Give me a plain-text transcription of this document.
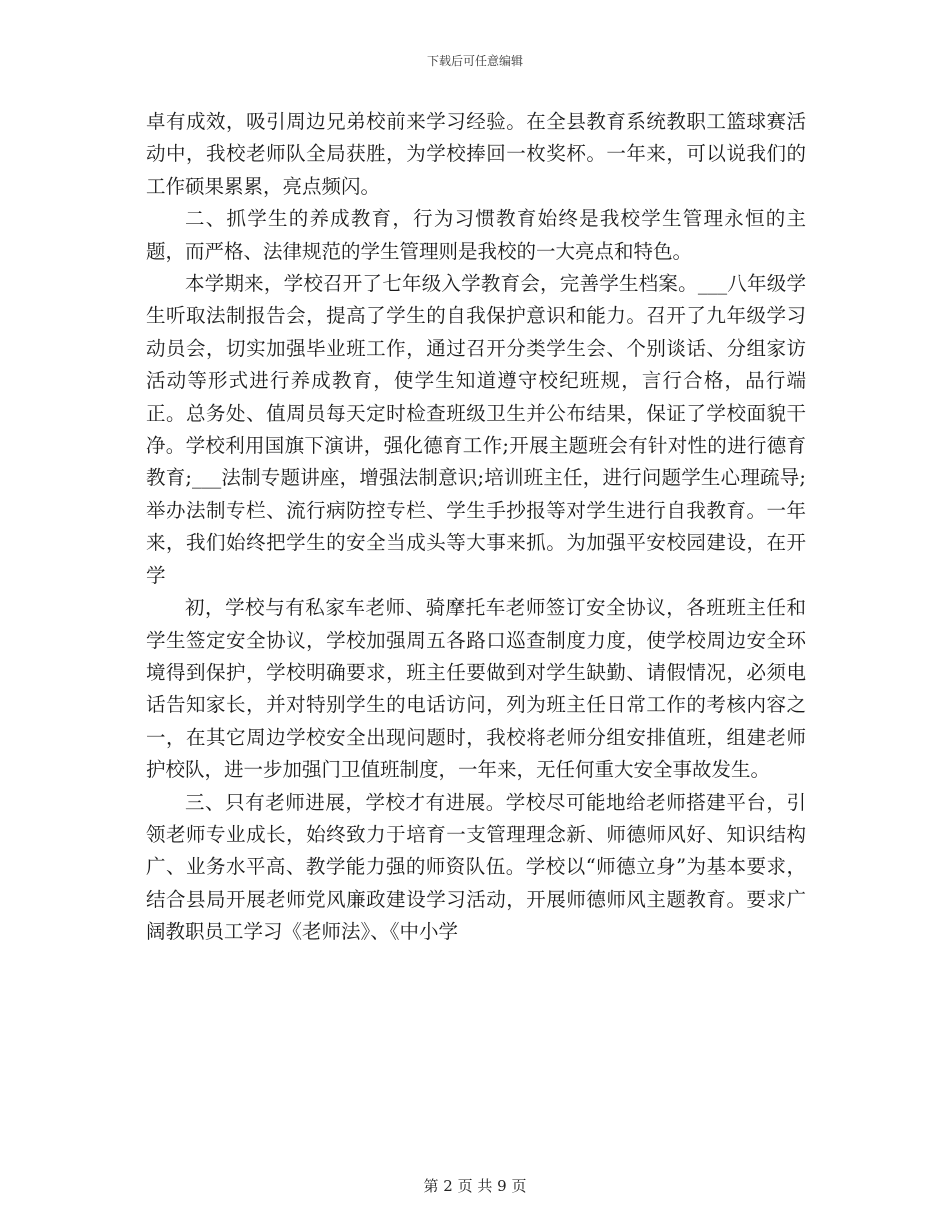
下载后可任意编辑

卓有成效，吸引周边兄弟校前来学习经验。在全县教育系统教职工篮球赛活动中，我校老师队全局获胜，为学校捧回一枚奖杯。一年来，可以说我们的工作硕果累累，亮点频闪。

二、抓学生的养成教育，行为习惯教育始终是我校学生管理永恒的主题，而严格、法律规范的学生管理则是我校的一大亮点和特色。

本学期来，学校召开了七年级入学教育会，完善学生档案。___八年级学生听取法制报告会，提高了学生的自我保护意识和能力。召开了九年级学习动员会，切实加强毕业班工作，通过召开分类学生会、个别谈话、分组家访活动等形式进行养成教育，使学生知道遵守校纪班规，言行合格，品行端正。总务处、值周员每天定时检查班级卫生并公布结果，保证了学校面貌干净。学校利用国旗下演讲，强化德育工作;开展主题班会有针对性的进行德育教育;___法制专题讲座，增强法制意识;培训班主任，进行问题学生心理疏导;举办法制专栏、流行病防控专栏、学生手抄报等对学生进行自我教育。一年来，我们始终把学生的安全当成头等大事来抓。为加强平安校园建设，在开学

初，学校与有私家车老师、骑摩托车老师签订安全协议，各班班主任和学生签定安全协议，学校加强周五各路口巡查制度力度，使学校周边安全环境得到保护，学校明确要求，班主任要做到对学生缺勤、请假情况，必须电话告知家长，并对特别学生的电话访问，列为班主任日常工作的考核内容之一，在其它周边学校安全出现问题时，我校将老师分组安排值班，组建老师护校队，进一步加强门卫值班制度，一年来，无任何重大安全事故发生。

三、只有老师进展，学校才有进展。学校尽可能地给老师搭建平台，引领老师专业成长，始终致力于培育一支管理理念新、师德师风好、知识结构广、业务水平高、教学能力强的师资队伍。学校以“师德立身”为基本要求，结合县局开展老师党风廉政建设学习活动，开展师德师风主题教育。要求广阔教职员工学习《老师法》、《中小学

第 2 页 共 9 页
